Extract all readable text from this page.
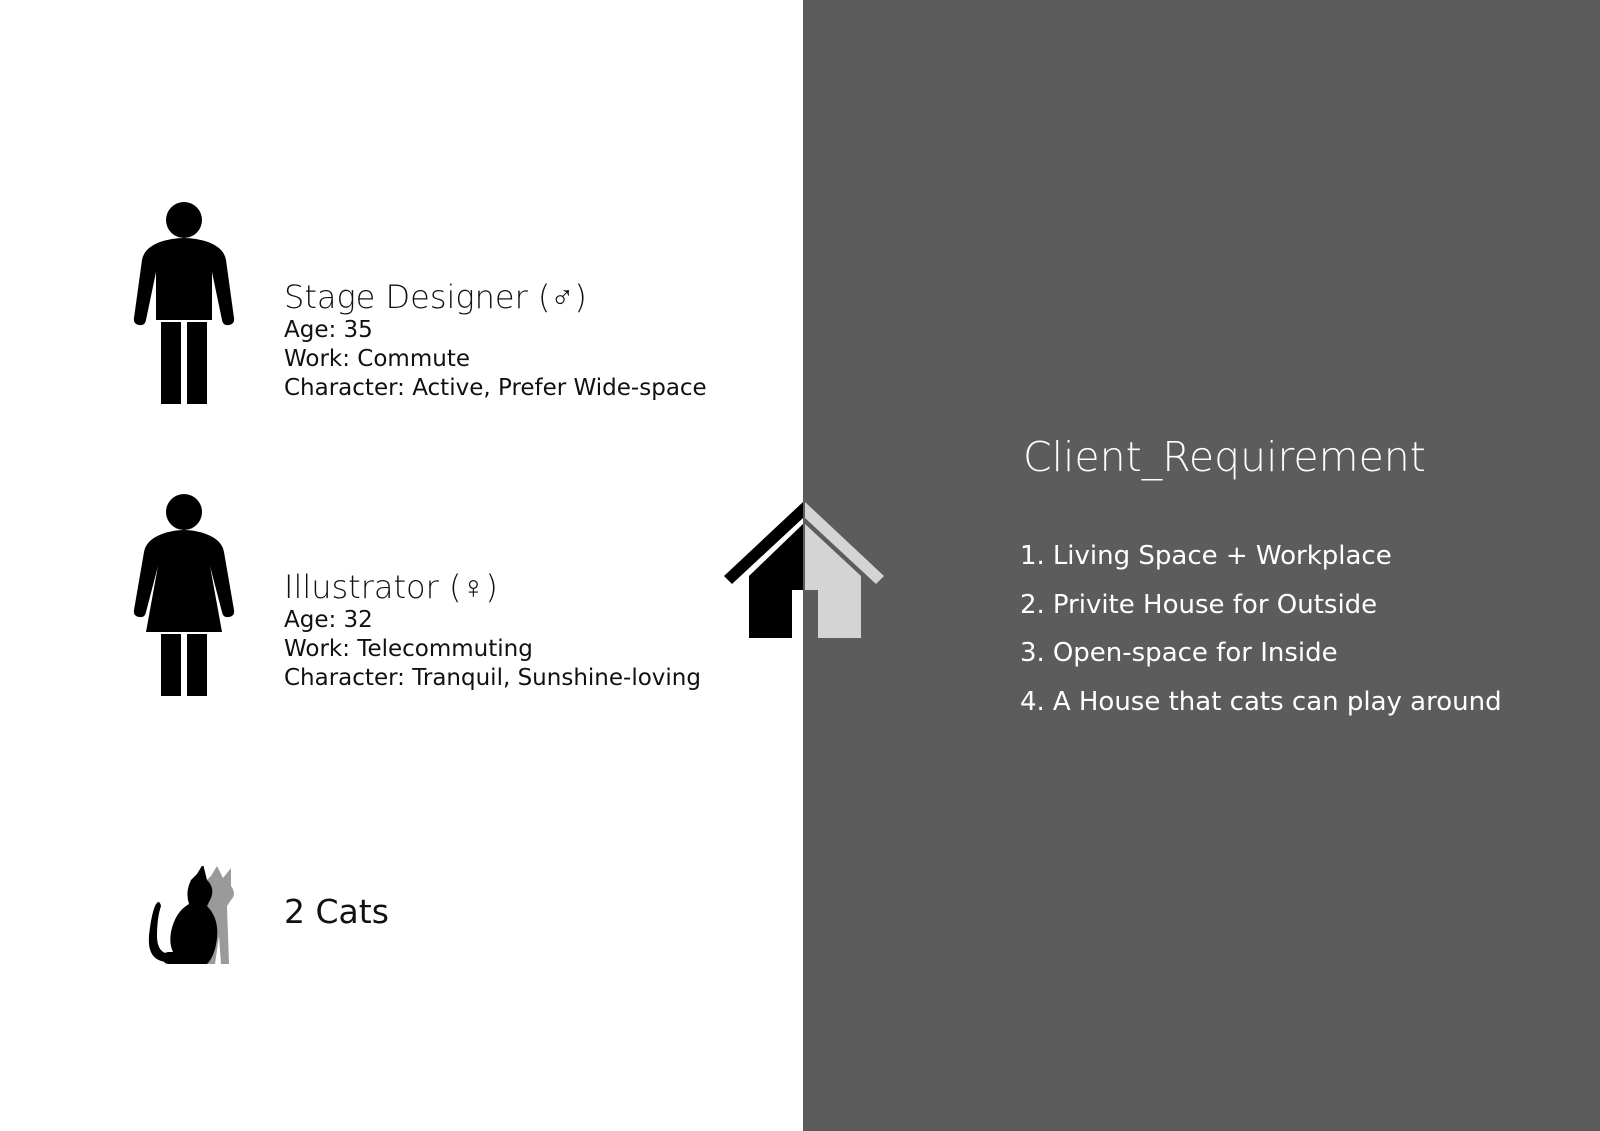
Stage Designer (♂)
Age: 35
Work: Commute
Character: Active, Prefer Wide-space
Illustrator (♀)
Age: 32
Work: Telecommuting
Character: Tranquil, Sunshine-loving
2 Cats
Client_Requirement
1. Living Space + Workplace
2. Privite House for Outside
3. Open-space for Inside
4. A House that cats can play around
